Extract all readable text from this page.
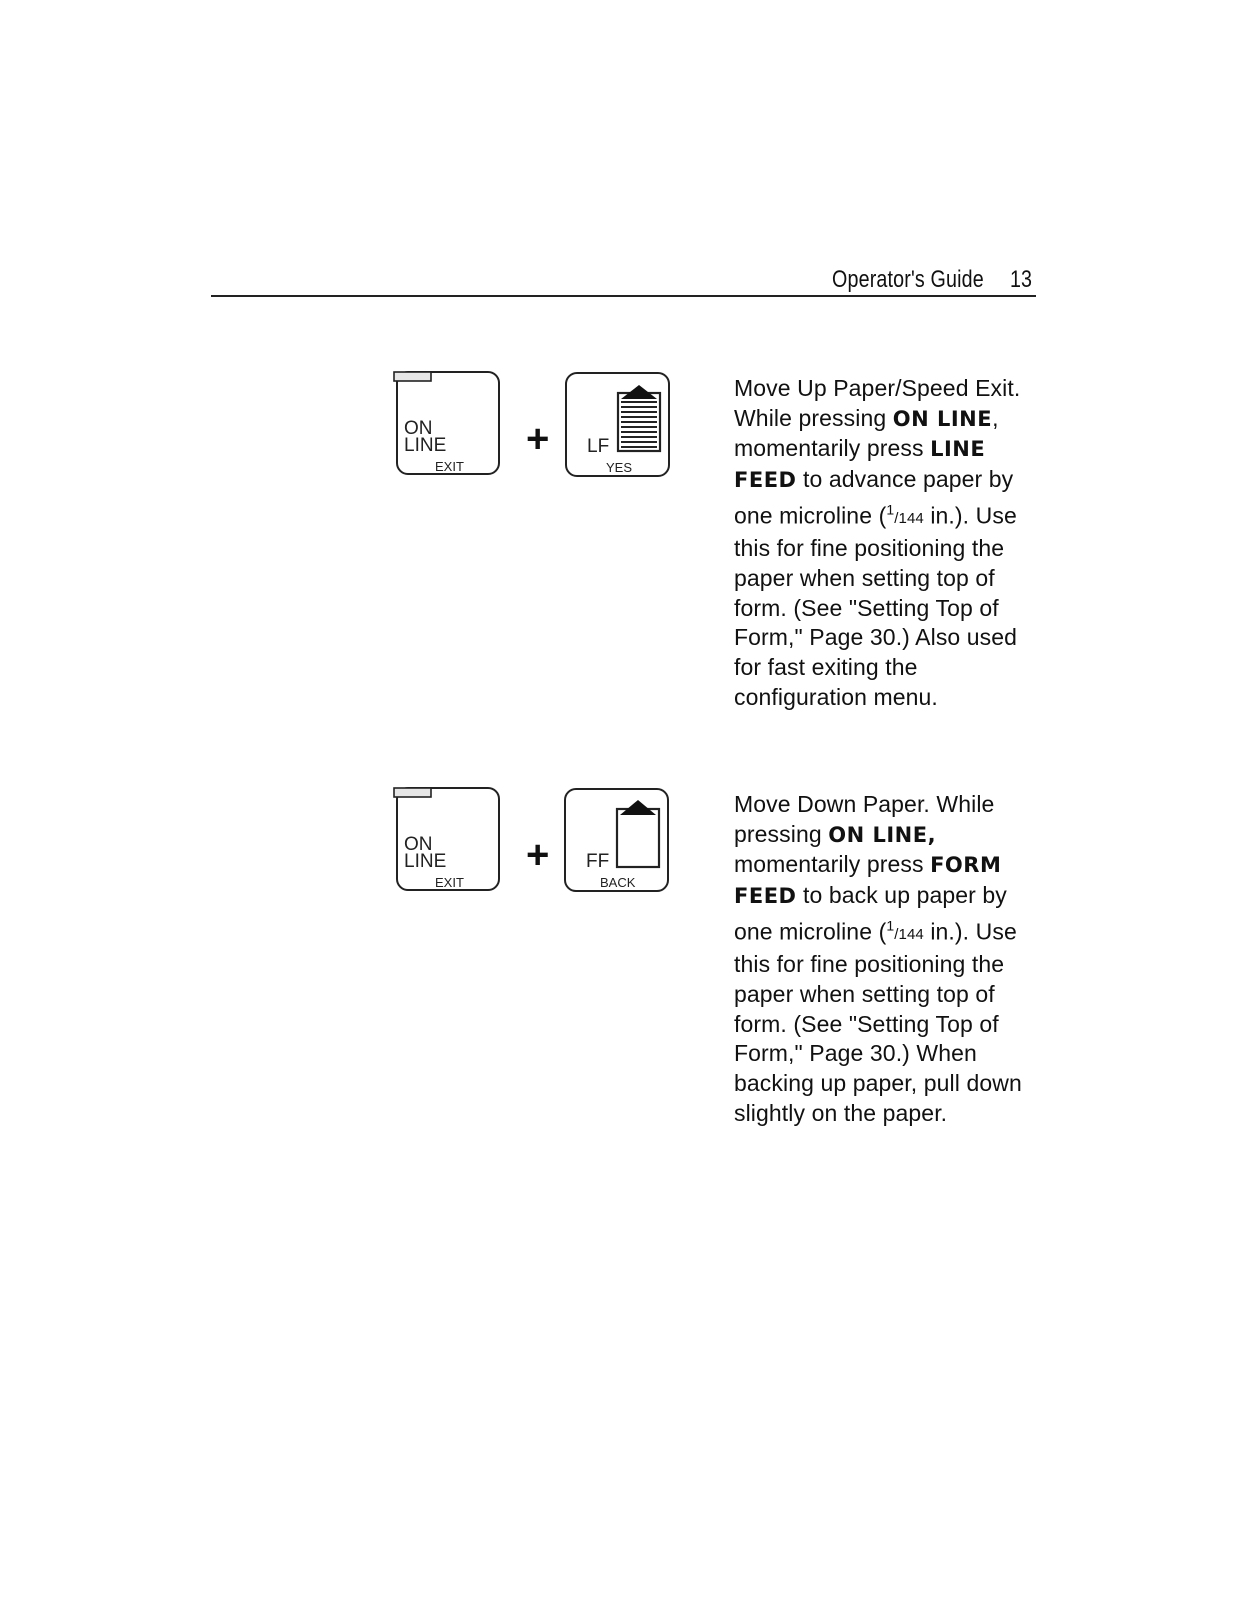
Operator's Guide 13
ON
LINE
EXIT
+ LF
YES
Move Up Paper/Speed Exit. While pressing ON LINE, momentarily press LINE FEED to advance paper by one microline ($^1$/144 in.). Use this for fine positioning the paper when setting top of form. (See "Setting Top of Form," Page 30.) Also used for fast exiting the configuration menu.
ON
LINE
EXIT
+ FF
BACK
Move Down Paper. While pressing ON LINE, momentarily press FORM FEED to back up paper by one microline ($^1$/144 in.). Use this for fine positioning the paper when setting top of form. (See "Setting Top of Form," Page 30.) When backing up paper, pull down slightly on the paper.
